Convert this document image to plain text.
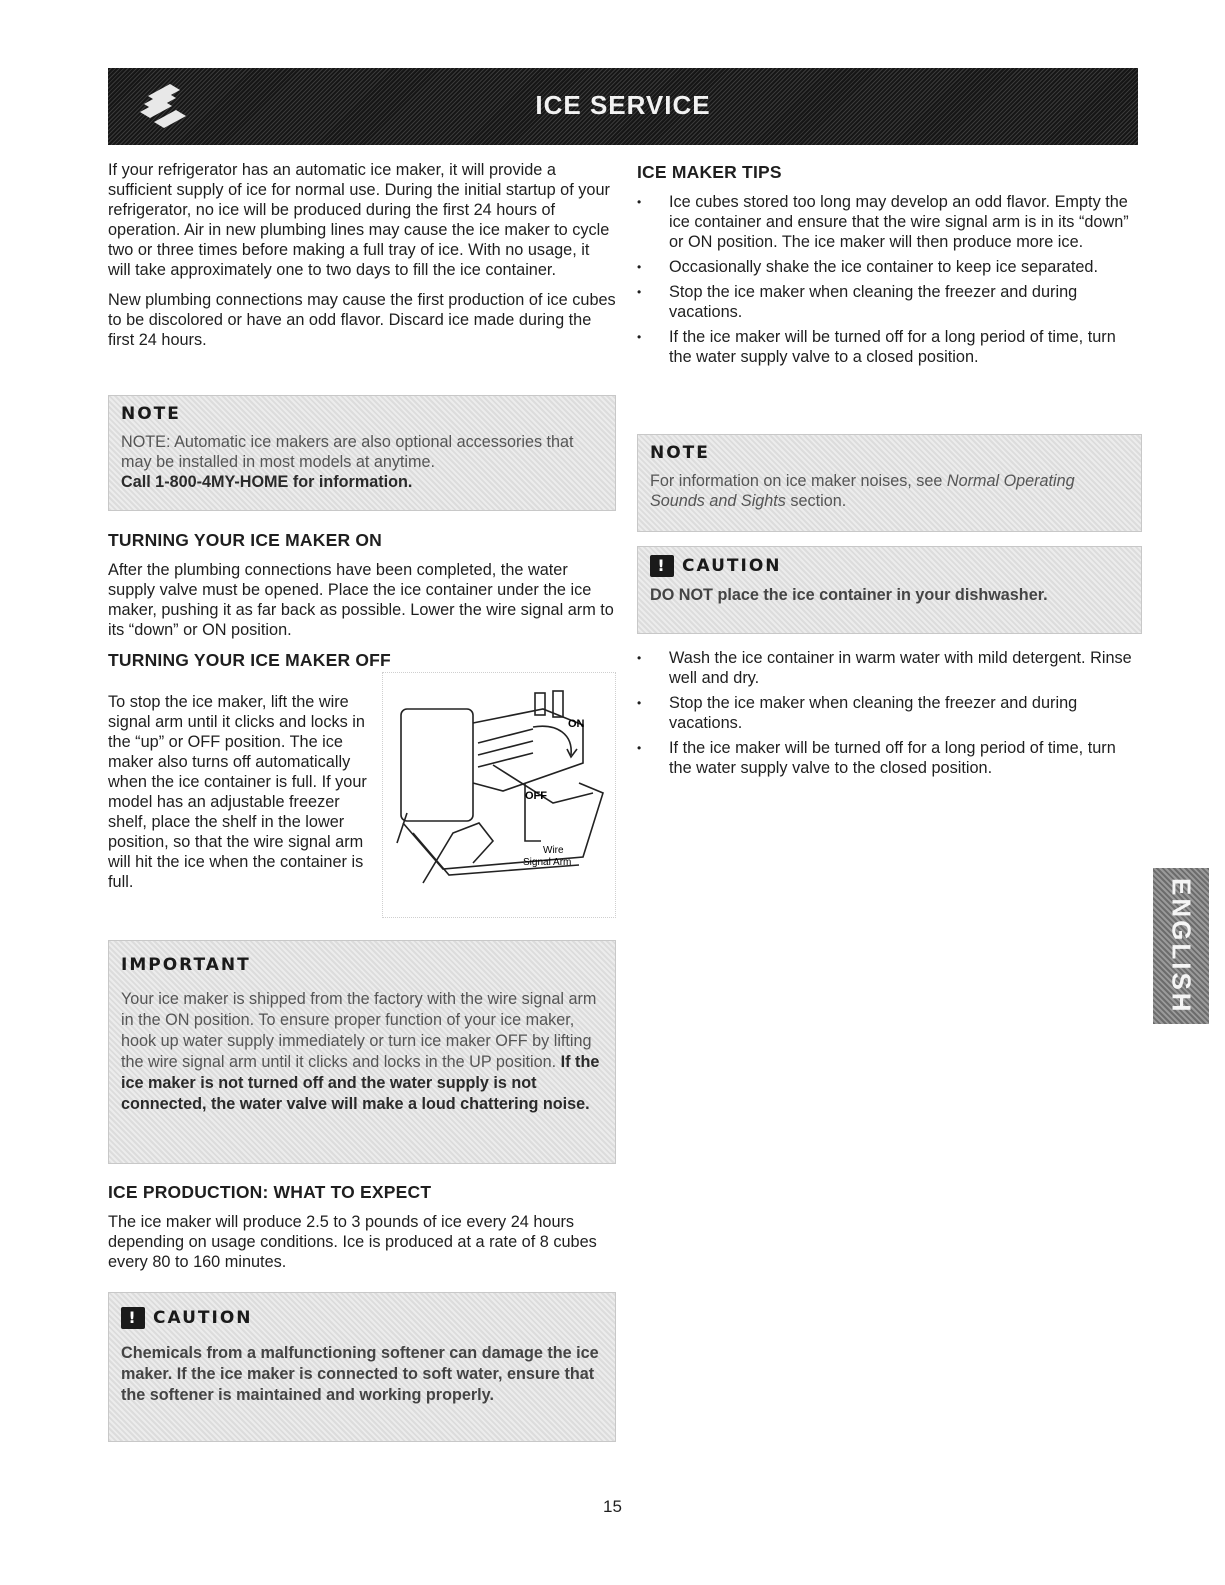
ICE SERVICE

If your refrigerator has an automatic ice maker, it will provide a sufficient supply of ice for normal use. During the initial startup of your refrigerator, no ice will be produced during the first 24 hours of operation. Air in new plumbing lines may cause the ice maker to cycle two or three times before making a full tray of ice. With no usage, it will take approximately one to two days to fill the ice container.

New plumbing connections may cause the first production of ice cubes to be discolored or have an odd flavor. Discard ice made during the first 24 hours.

NOTE
NOTE: Automatic ice makers are also optional accessories that may be installed in most models at anytime.
Call 1-800-4MY-HOME for information.
TURNING YOUR ICE MAKER ON

After the plumbing connections have been completed, the water supply valve must be opened. Place the ice container under the ice maker, pushing it as far back as possible. Lower the wire signal arm to its “down” or ON position.

TURNING YOUR ICE MAKER OFF

To stop the ice maker, lift the wire signal arm until it clicks and locks in the “up” or OFF position. The ice maker also turns off automatically when the ice container is full. If your model has an adjustable freezer shelf, place the shelf in the lower position, so that the wire signal arm will hit the ice when the container is full.

ON
OFF
Wire
Signal Arm
IMPORTANT
Your ice maker is shipped from the factory with the wire signal arm in the ON position. To ensure proper function of your ice maker, hook up water supply immediately or turn ice maker OFF by lifting the wire signal arm until it clicks and locks in the UP position. If the ice maker is not turned off and the water supply is not connected, the water valve will make a loud chattering noise.
ICE PRODUCTION: WHAT TO EXPECT

The ice maker will produce 2.5 to 3 pounds of ice every 24 hours depending on usage conditions. Ice is produced at a rate of 8 cubes every 80 to 160 minutes.

! CAUTION
Chemicals from a malfunctioning softener can damage the ice maker. If the ice maker is connected to soft water, ensure that the softener is maintained and working properly.
ICE MAKER TIPS
• Ice cubes stored too long may develop an odd flavor. Empty the ice container and ensure that the wire signal arm is in its “down” or ON position. The ice maker will then produce more ice.
• Occasionally shake the ice container to keep ice separated.
• Stop the ice maker when cleaning the freezer and during vacations.
• If the ice maker will be turned off for a long period of time, turn the water supply valve to a closed position.
NOTE
For information on ice maker noises, see Normal Operating Sounds and Sights section.
! CAUTION
DO NOT place the ice container in your dishwasher.
• Wash the ice container in warm water with mild detergent. Rinse well and dry.
• Stop the ice maker when cleaning the freezer and during vacations.
• If the ice maker will be turned off for a long period of time, turn the water supply valve to the closed position.
ENGLISH
15
